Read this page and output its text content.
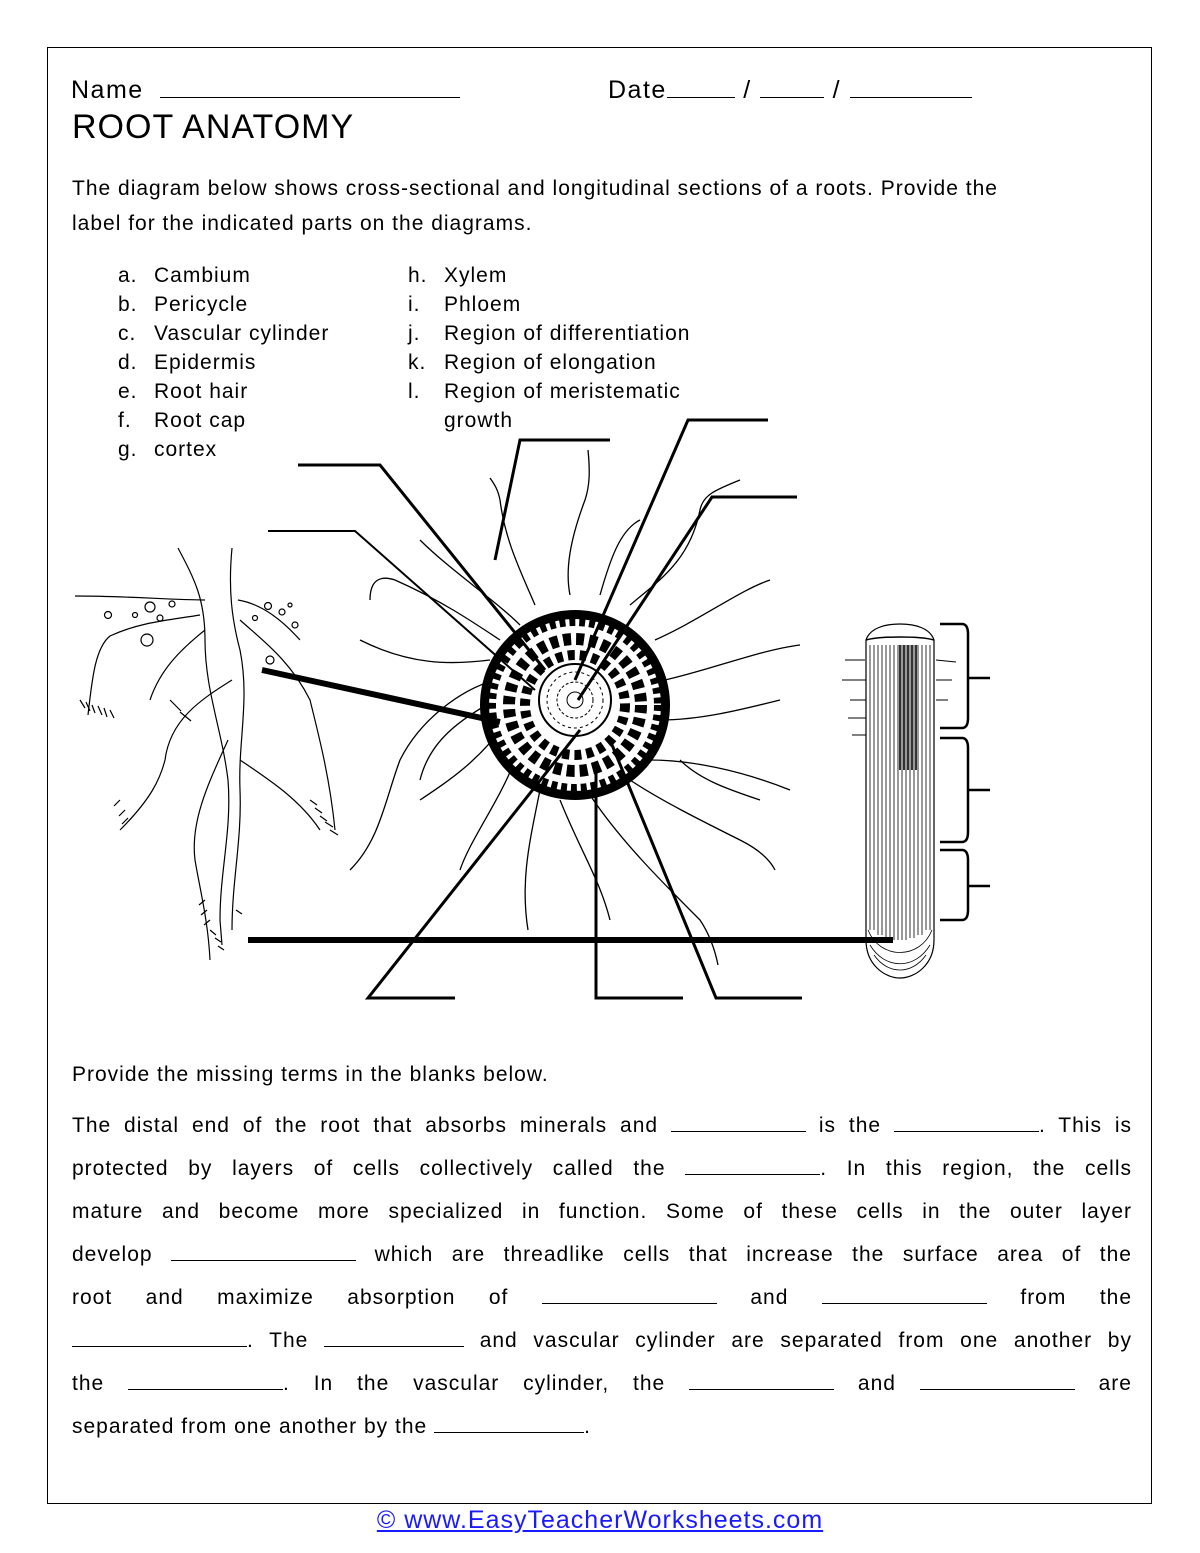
Name	Date	/	/
ROOT ANATOMY
The diagram below shows cross-sectional and longitudinal sections of a roots. Provide the
label for the indicated parts on the diagrams.
a. Cambium
b. Pericycle
c. Vascular cylinder
d. Epidermis
e. Root hair
f. Root cap
g. cortex
h. Xylem
i. Phloem
j. Region of differentiation
k. Region of elongation
l. Region of meristematic
growth
Provide the missing terms in the blanks below.
The distal end of the root that absorbs minerals and	is the	. This is
protected by layers of cells collectively called the	. In this region, the cells
mature and become more specialized in function. Some of these cells in the outer layer
develop	which are threadlike cells that increase the surface area of the
root and maximize absorption of	and	from the
. The	and vascular cylinder are separated from one another by
the	. In the vascular cylinder, the	and	are
separated from one another by the	.
© www.EasyTeacherWorksheets.com
